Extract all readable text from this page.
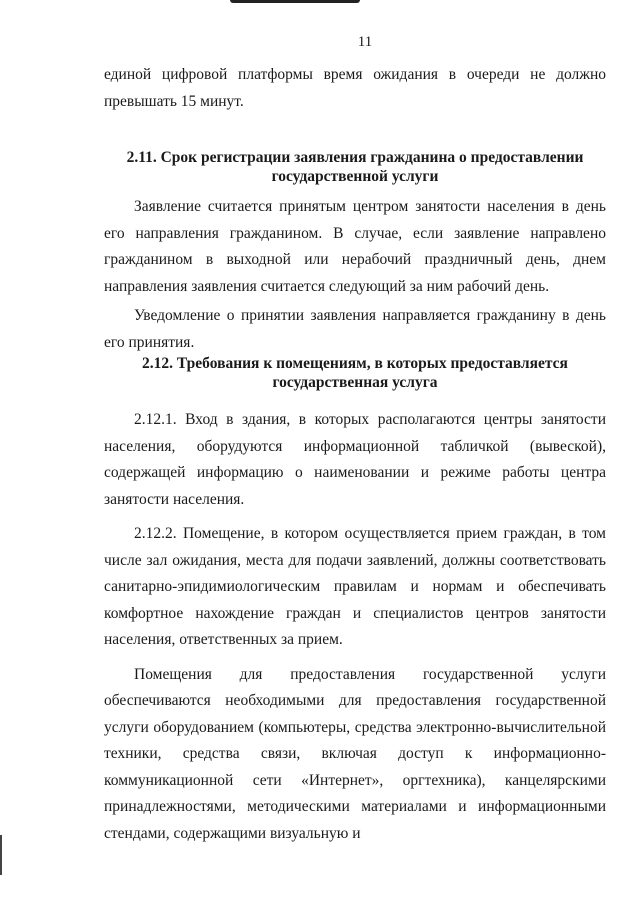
11

единой цифровой платформы время ожидания в очереди не должно превышать 15 минут.

2.11. Срок регистрации заявления гражданина о предоставлении
государственной услуги

Заявление считается принятым центром занятости населения в день его направления гражданином. В случае, если заявление направлено гражданином в выходной или нерабочий праздничный день, днем направления заявления считается следующий за ним рабочий день.

Уведомление о принятии заявления направляется гражданину в день его принятия.

2.12. Требования к помещениям, в которых предоставляется
государственная услуга

2.12.1. Вход в здания, в которых располагаются центры занятости населения, оборудуются информационной табличкой (вывеской), содержащей информацию о наименовании и режиме работы центра занятости населения.

2.12.2. Помещение, в котором осуществляется прием граждан, в том числе зал ожидания, места для подачи заявлений, должны соответствовать санитарно-эпидимиологическим правилам и нормам и обеспечивать комфортное нахождение граждан и специалистов центров занятости населения, ответственных за прием.

Помещения для предоставления государственной услуги обеспечиваются необходимыми для предоставления государственной услуги оборудованием (компьютеры, средства электронно-вычислительной техники, средства связи, включая доступ к информационно-коммуникационной сети «Интернет», оргтехника), канцелярскими принадлежностями, методическими материалами и информационными стендами, содержащими визуальную и
